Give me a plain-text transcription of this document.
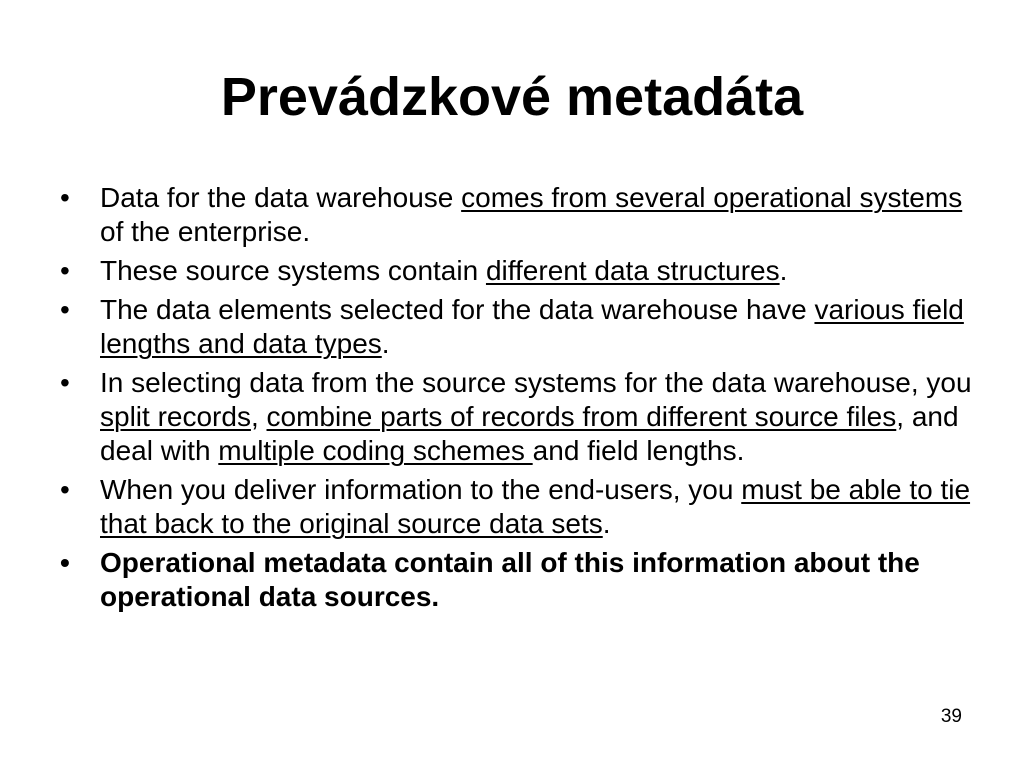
Prevádzkové metadáta
• Data for the data warehouse comes from several operational systems of the enterprise.
• These source systems contain different data structures.
• The data elements selected for the data warehouse have various field lengths and data types.
• In selecting data from the source systems for the data warehouse, you split records, combine parts of records from different source files, and deal with multiple coding schemes and field lengths.
• When you deliver information to the end-users, you must be able to tie that back to the original source data sets.
• Operational metadata contain all of this information about the operational data sources.
39
